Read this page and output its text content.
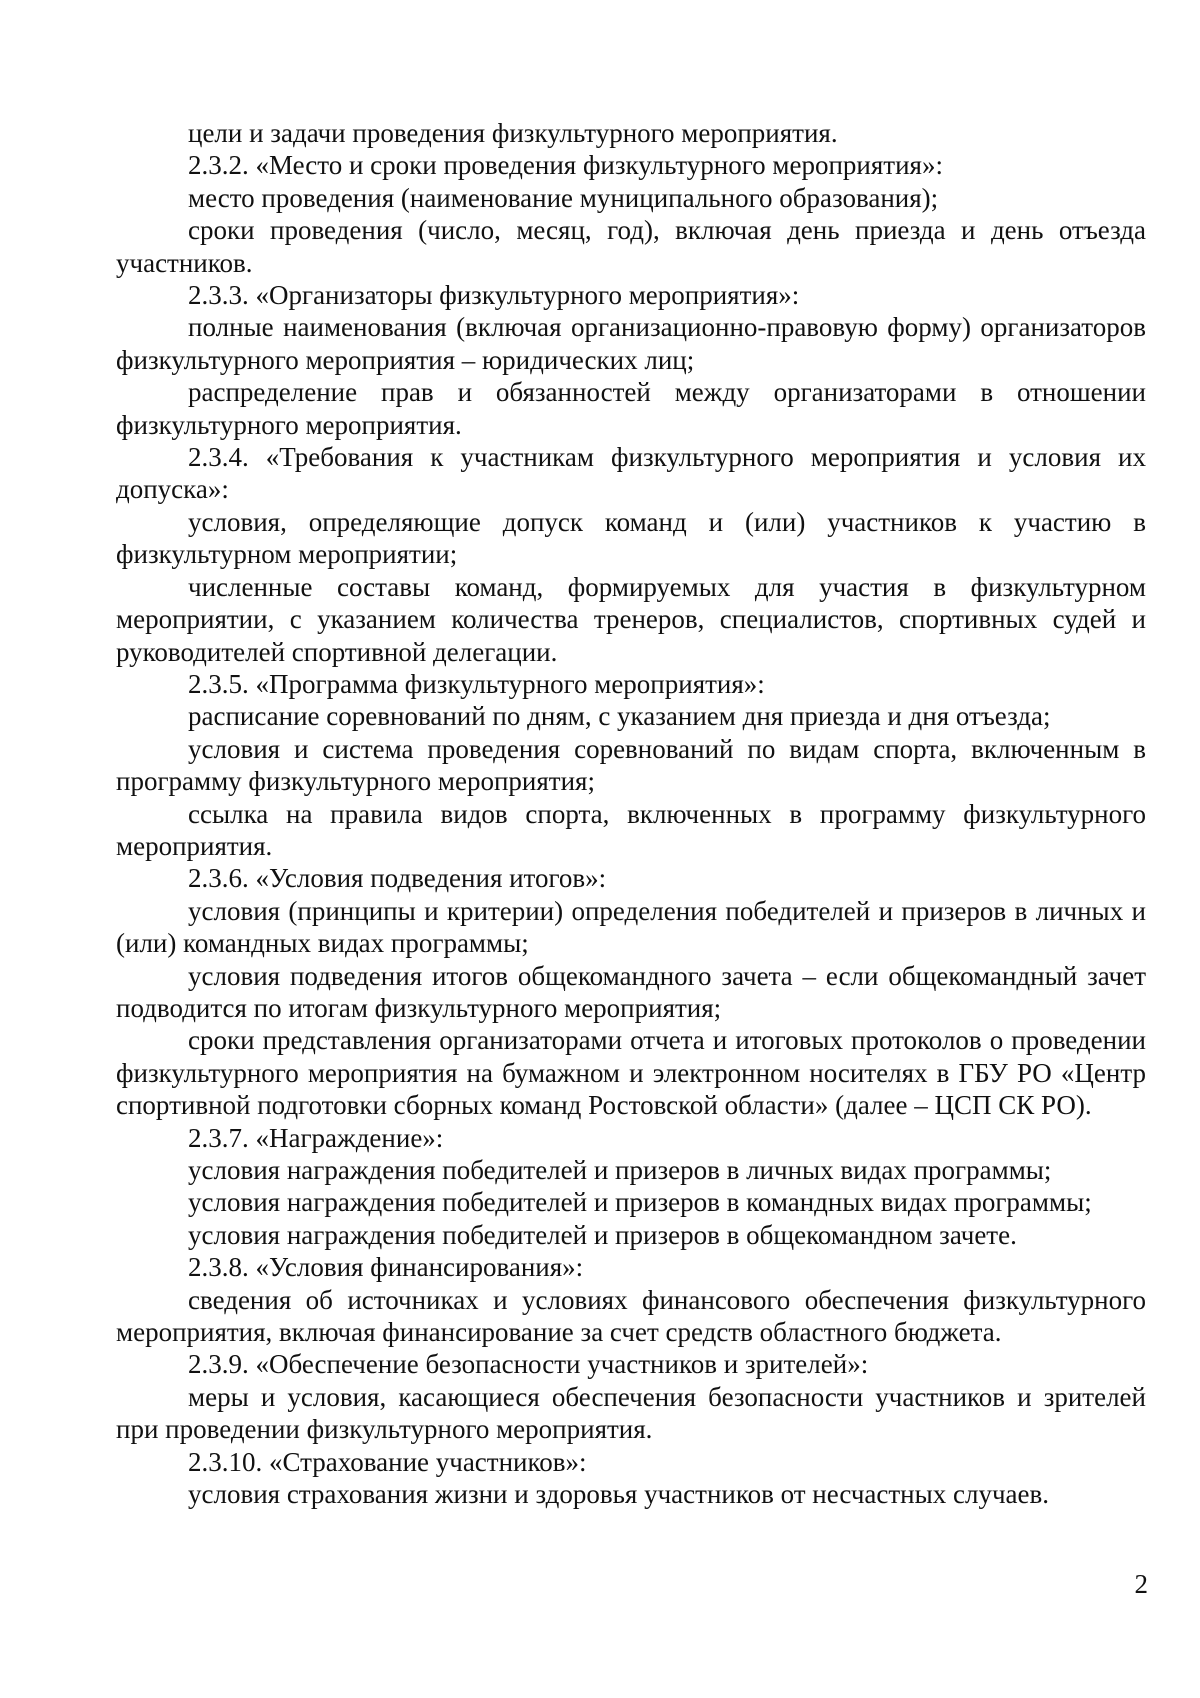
цели и задачи проведения физкультурного мероприятия.

2.3.2. «Место и сроки проведения физкультурного мероприятия»:

место проведения (наименование муниципального образования);

сроки проведения (число, месяц, год), включая день приезда и день отъезда участников.

2.3.3. «Организаторы физкультурного мероприятия»:

полные наименования (включая организационно-правовую форму) организаторов физкультурного мероприятия – юридических лиц;

распределение прав и обязанностей между организаторами в отношении физкультурного мероприятия.

2.3.4. «Требования к участникам физкультурного мероприятия и условия их допуска»:

условия, определяющие допуск команд и (или) участников к участию в физкультурном мероприятии;

численные составы команд, формируемых для участия в физкультурном мероприятии, с указанием количества тренеров, специалистов, спортивных судей и руководителей спортивной делегации.

2.3.5. «Программа физкультурного мероприятия»:

расписание соревнований по дням, с указанием дня приезда и дня отъезда;

условия и система проведения соревнований по видам спорта, включенным в программу физкультурного мероприятия;

ссылка на правила видов спорта, включенных в программу физкультурного мероприятия.

2.3.6. «Условия подведения итогов»:

условия (принципы и критерии) определения победителей и призеров в личных и (или) командных видах программы;

условия подведения итогов общекомандного зачета – если общекомандный зачет подводится по итогам физкультурного мероприятия;

сроки представления организаторами отчета и итоговых протоколов о проведении физкультурного мероприятия на бумажном и электронном носителях в ГБУ РО «Центр спортивной подготовки сборных команд Ростовской области» (далее – ЦСП СК РО).

2.3.7. «Награждение»:

условия награждения победителей и призеров в личных видах программы;

условия награждения победителей и призеров в командных видах программы;

условия награждения победителей и призеров в общекомандном зачете.

2.3.8. «Условия финансирования»:

сведения об источниках и условиях финансового обеспечения физкультурного мероприятия, включая финансирование за счет средств областного бюджета.

2.3.9. «Обеспечение безопасности участников и зрителей»:

меры и условия, касающиеся обеспечения безопасности участников и зрителей при проведении физкультурного мероприятия.

2.3.10. «Страхование участников»:

условия страхования жизни и здоровья участников от несчастных случаев.

2
